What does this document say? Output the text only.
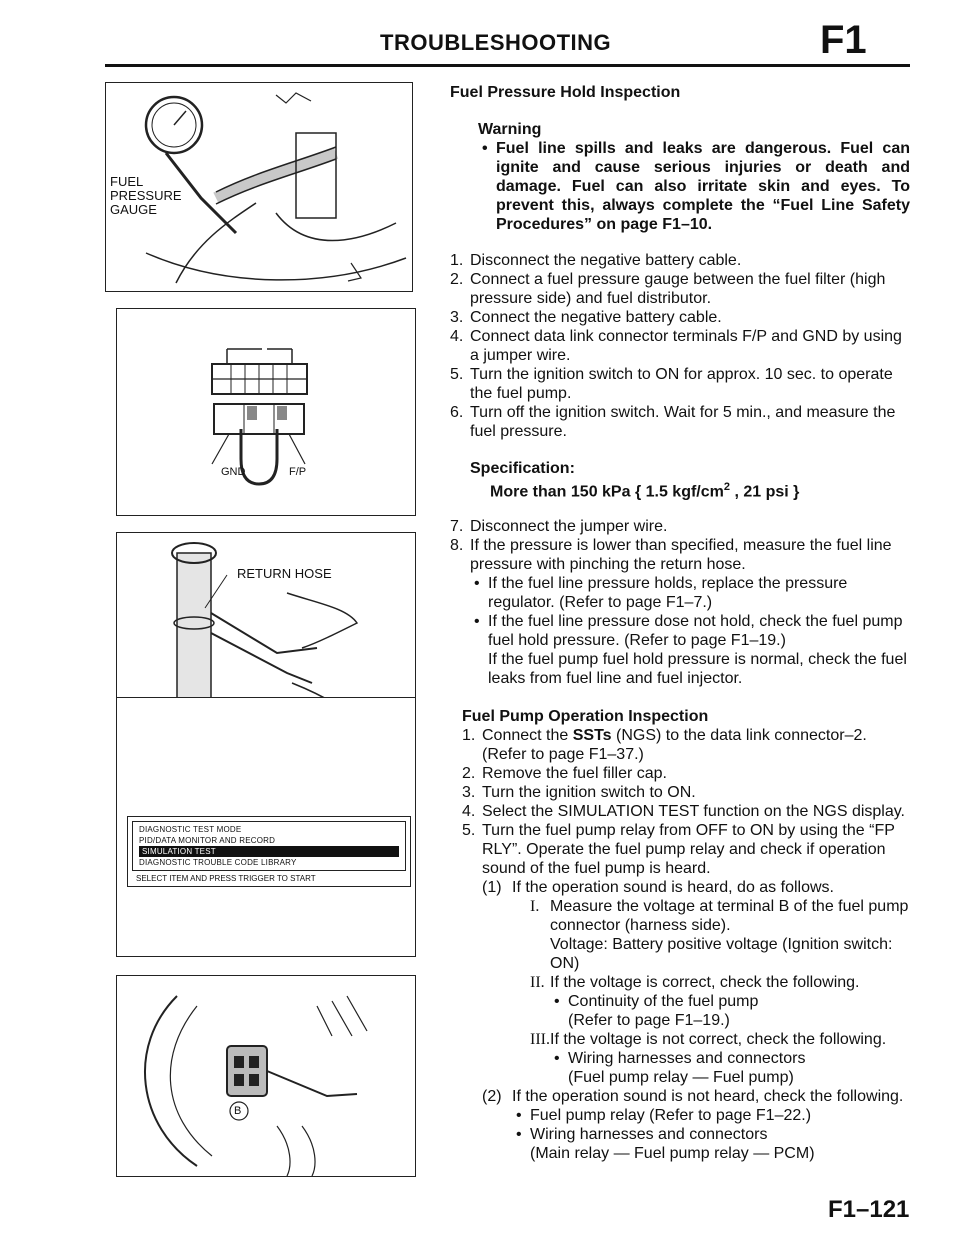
TROUBLESHOOTING	F1
FUEL
PRESSURE
GAUGE
GND	F/P
RETURN HOSE
DIAGNOSTIC TEST MODE
PID/DATA MONITOR AND RECORD
SIMULATION TEST
DIAGNOSTIC TROUBLE CODE LIBRARY
SELECT ITEM AND PRESS TRIGGER TO START
B
Fuel Pressure Hold Inspection
Warning
• Fuel line spills and leaks are dangerous. Fuel can ignite and cause serious injuries or death and damage. Fuel can also irritate skin and eyes. To prevent this, always complete the “Fuel Line Safety Procedures” on page F1–10.
1. Disconnect the negative battery cable.
2. Connect a fuel pressure gauge between the fuel filter (high pressure side) and fuel distributor.
3. Connect the negative battery cable.
4. Connect data link connector terminals F/P and GND by using a jumper wire.
5. Turn the ignition switch to ON for approx. 10 sec. to operate the fuel pump.
6. Turn off the ignition switch. Wait for 5 min., and measure the fuel pressure.
Specification:
More than 150 kPa { 1.5 kgf/$cm^2$ , 21 psi }
7. Disconnect the jumper wire.
8. If the pressure is lower than specified, measure the fuel line pressure with pinching the return hose.
• If the fuel line pressure holds, replace the pressure regulator. (Refer to page F1–7.)
• If the fuel line pressure dose not hold, check the fuel pump fuel hold pressure. (Refer to page F1–19.)
If the fuel pump fuel hold pressure is normal, check the fuel leaks from fuel line and fuel injector.
Fuel Pump Operation Inspection
1. Connect the SSTs (NGS) to the data link connector–2. (Refer to page F1–37.)
2. Remove the fuel filler cap.
3. Turn the ignition switch to ON.
4. Select the SIMULATION TEST function on the NGS display.
5. Turn the fuel pump relay from OFF to ON by using the “FP RLY”. Operate the fuel pump relay and check if operation sound of the fuel pump is heard.
(1) If the operation sound is heard, do as follows.
I. Measure the voltage at terminal B of the fuel pump connector (harness side).
Voltage: Battery positive voltage (Ignition switch: ON)
II. If the voltage is correct, check the following.
• Continuity of the fuel pump
(Refer to page F1–19.)
III. If the voltage is not correct, check the following.
• Wiring harnesses and connectors
(Fuel pump relay — Fuel pump)
(2) If the operation sound is not heard, check the following.
• Fuel pump relay (Refer to page F1–22.)
• Wiring harnesses and connectors
(Main relay — Fuel pump relay — PCM)
F1–121
